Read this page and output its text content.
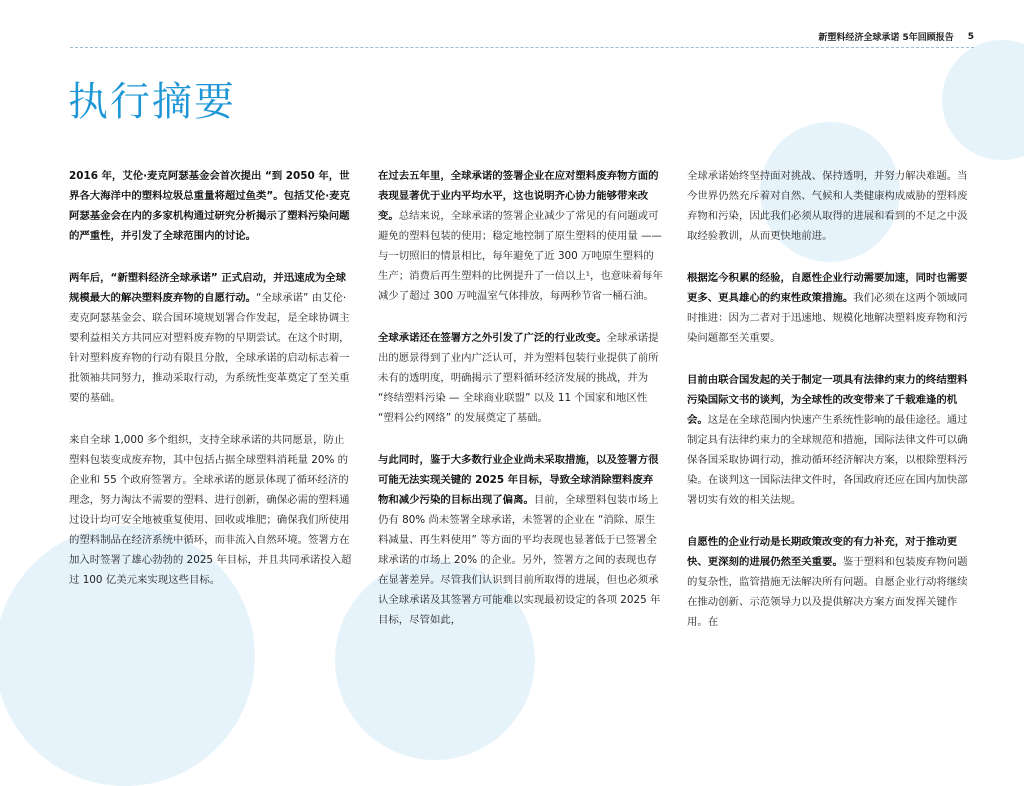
新塑料经济全球承诺 5年回顾报告 5
执行摘要

2016 年，艾伦·麦克阿瑟基金会首次提出 “到 2050 年，世界各大海洋中的塑料垃圾总重量将超过鱼类”。包括艾伦·麦克阿瑟基金会在内的多家机构通过研究分析揭示了塑料污染问题的严重性，并引发了全球范围内的讨论。

两年后，“新塑料经济全球承诺” 正式启动，并迅速成为全球规模最大的解决塑料废弃物的自愿行动。“全球承诺” 由艾伦·麦克阿瑟基金会、联合国环境规划署合作发起，是全球协调主要利益相关方共同应对塑料废弃物的早期尝试。在这个时期，针对塑料废弃物的行动有限且分散，全球承诺的启动标志着一批领袖共同努力，推动采取行动，为系统性变革奠定了至关重要的基础。

来自全球 1,000 多个组织，支持全球承诺的共同愿景，防止塑料包装变成废弃物，其中包括占据全球塑料消耗量 20% 的企业和 55 个政府签署方。全球承诺的愿景体现了循环经济的理念，努力淘汰不需要的塑料、进行创新，确保必需的塑料通过设计均可安全地被重复使用、回收或堆肥；确保我们所使用的塑料制品在经济系统中循环，而非流入自然环境。签署方在加入时签署了雄心勃勃的 2025 年目标，并且共同承诺投入超过 100 亿美元来实现这些目标。

在过去五年里，全球承诺的签署企业在应对塑料废弃物方面的表现显著优于业内平均水平，这也说明齐心协力能够带来改变。总结来说，全球承诺的签署企业减少了常见的有问题或可避免的塑料包装的使用；稳定地控制了原生塑料的使用量 —— 与一切照旧的情景相比，每年避免了近 300 万吨原生塑料的生产；消费后再生塑料的比例提升了一倍以上¹，也意味着每年减少了超过 300 万吨温室气体排放，每两秒节省一桶石油。

全球承诺还在签署方之外引发了广泛的行业改变。全球承诺提出的愿景得到了业内广泛认可，并为塑料包装行业提供了前所未有的透明度，明确揭示了塑料循环经济发展的挑战，并为 “终结塑料污染 — 全球商业联盟” 以及 11 个国家和地区性 “塑料公约网络” 的发展奠定了基础。

与此同时，鉴于大多数行业企业尚未采取措施，以及签署方很可能无法实现关键的 2025 年目标，导致全球消除塑料废弃物和减少污染的目标出现了偏离。目前，全球塑料包装市场上仍有 80% 尚未签署全球承诺，未签署的企业在 “消除、原生料减量、再生料使用” 等方面的平均表现也显著低于已签署全球承诺的市场上 20% 的企业。另外，签署方之间的表现也存在显著差异。尽管我们认识到目前所取得的进展，但也必须承认全球承诺及其签署方可能难以实现最初设定的各项 2025 年目标，尽管如此，

全球承诺始终坚持面对挑战、保持透明，并努力解决难题。当今世界仍然充斥着对自然、气候和人类健康构成威胁的塑料废弃物和污染，因此我们必须从取得的进展和看到的不足之中汲取经验教训，从而更快地前进。

根据迄今积累的经验，自愿性企业行动需要加速，同时也需要更多、更具雄心的约束性政策措施。我们必须在这两个领域同时推进：因为二者对于迅速地、规模化地解决塑料废弃物和污染问题都至关重要。

目前由联合国发起的关于制定一项具有法律约束力的终结塑料污染国际文书的谈判，为全球性的改变带来了千载难逢的机会。这是在全球范围内快速产生系统性影响的最佳途径。通过制定具有法律约束力的全球规范和措施，国际法律文件可以确保各国采取协调行动，推动循环经济解决方案，以根除塑料污染。在谈判这一国际法律文件时，各国政府还应在国内加快部署切实有效的相关法规。

自愿性的企业行动是长期政策改变的有力补充，对于推动更快、更深刻的进展仍然至关重要。鉴于塑料和包装废弃物问题的复杂性，监管措施无法解决所有问题。自愿企业行动将继续在推动创新、示范领导力以及提供解决方案方面发挥关键作用。在
